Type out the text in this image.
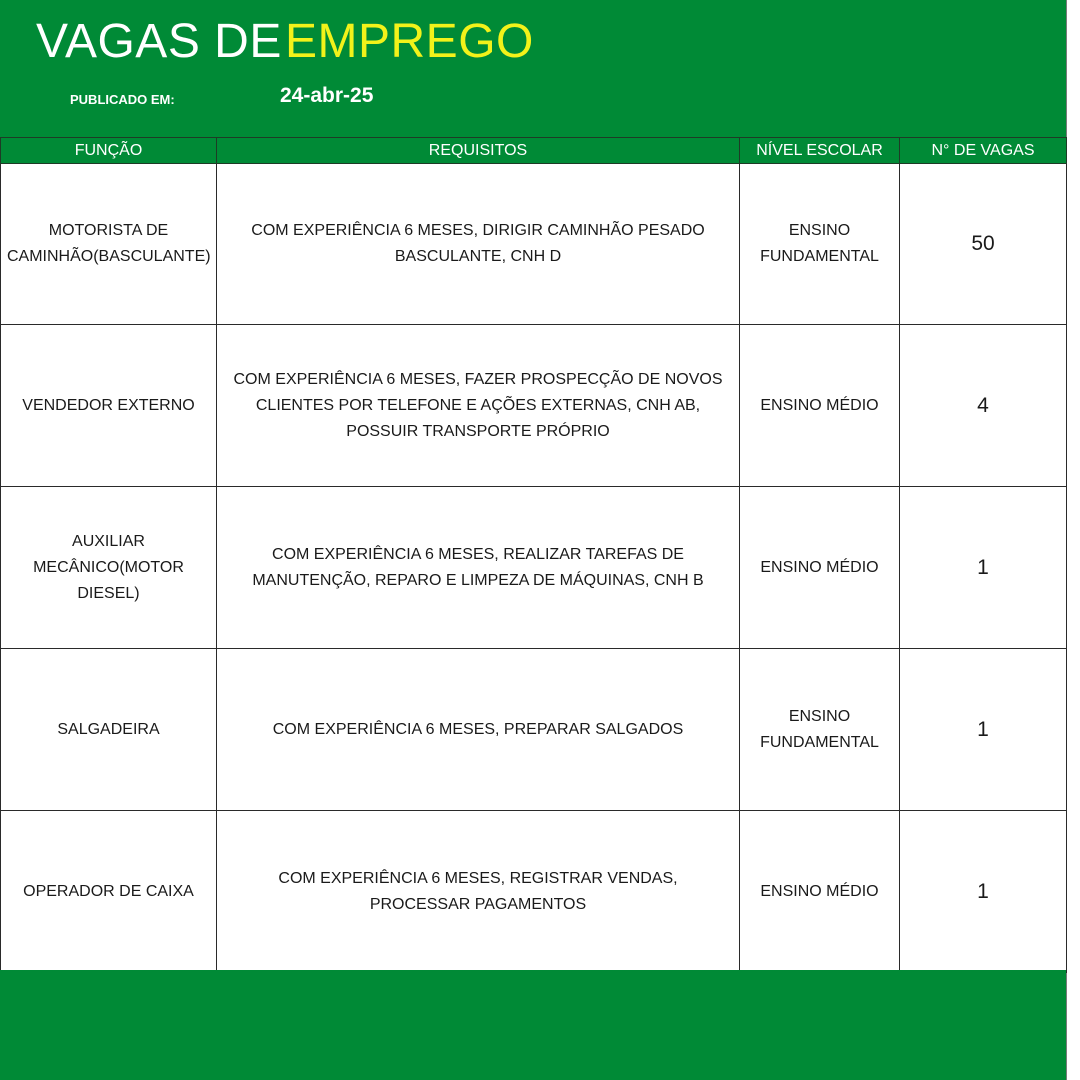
VAGAS DE EMPREGO
PUBLICADO EM:	24-abr-25
FUNÇÃO	REQUISITOS	NÍVEL ESCOLAR	N° DE VAGAS
MOTORISTA DE CAMINHÃO(BASCULANTE)	COM EXPERIÊNCIA 6 MESES, DIRIGIR CAMINHÃO PESADO BASCULANTE, CNH D	ENSINO FUNDAMENTAL	50
VENDEDOR EXTERNO	COM EXPERIÊNCIA 6 MESES, FAZER PROSPECÇÃO DE NOVOS CLIENTES POR TELEFONE E AÇÕES EXTERNAS, CNH AB, POSSUIR TRANSPORTE PRÓPRIO	ENSINO MÉDIO	4
AUXILIAR MECÂNICO(MOTOR DIESEL)	COM EXPERIÊNCIA 6 MESES, REALIZAR TAREFAS DE MANUTENÇÃO, REPARO E LIMPEZA DE MÁQUINAS, CNH B	ENSINO MÉDIO	1
SALGADEIRA	COM EXPERIÊNCIA 6 MESES, PREPARAR SALGADOS	ENSINO FUNDAMENTAL	1
OPERADOR DE CAIXA	COM EXPERIÊNCIA 6 MESES, REGISTRAR VENDAS, PROCESSAR PAGAMENTOS	ENSINO MÉDIO	1
